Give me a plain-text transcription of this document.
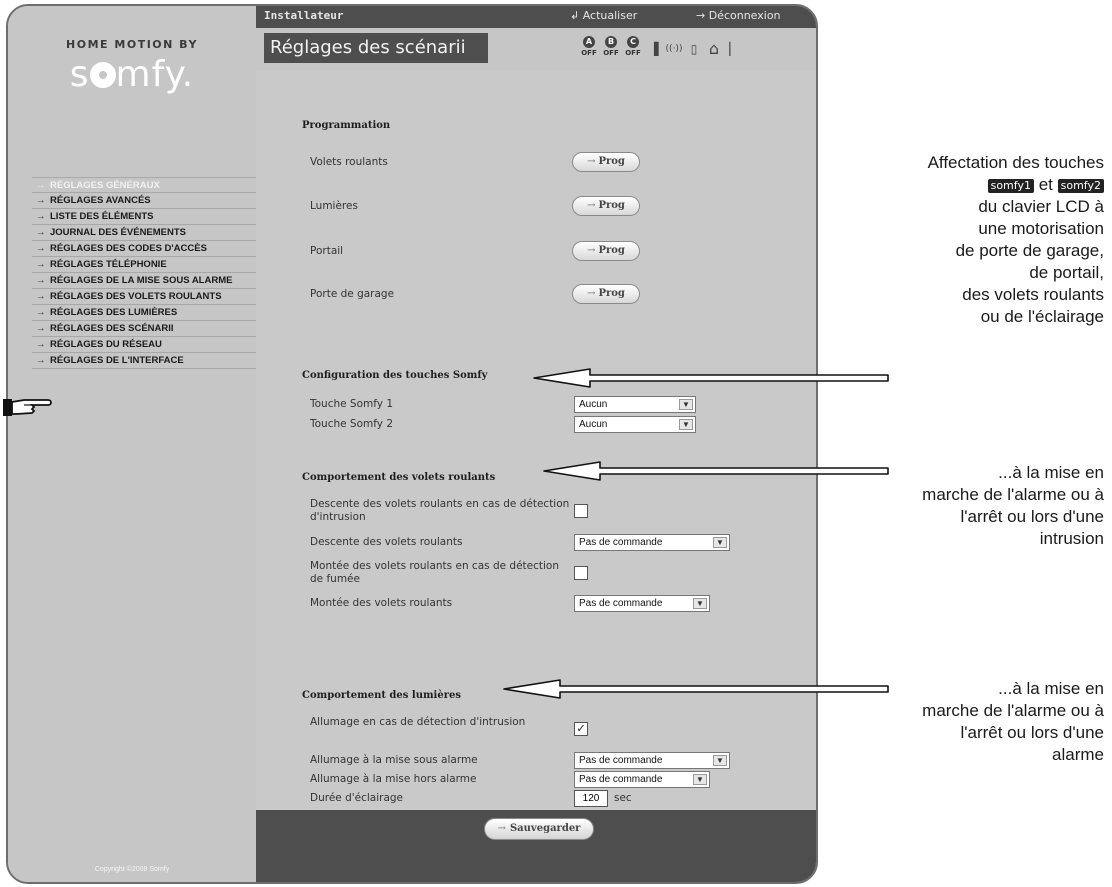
HOME MOTION BY
s mfy.
→ RÉGLAGES GÉNÉRAUX
→ RÉGLAGES AVANCÉS
→ LISTE DES ÉLÉMENTS
→ JOURNAL DES ÉVÉNEMENTS
→ RÉGLAGES DES CODES D'ACCÈS
→ RÉGLAGES TÉLÉPHONIE
→ RÉGLAGES DE LA MISE SOUS ALARME
→ RÉGLAGES DES VOLETS ROULANTS
→ RÉGLAGES DES LUMIÈRES
→ RÉGLAGES DES SCÉNARII
→ RÉGLAGES DU RÉSEAU
→ RÉGLAGES DE L'INTERFACE
Copyright ©2008 Somfy
Installateur	↲ Actualiser	→ Déconnexion
Réglages des scénarii	A
OFF
B
OFF
C
OFF ▐ ((·)) ▯ ⌂ ▏
Programmation
Volets roulants	→ Prog
Lumières	→ Prog
Portail	→ Prog
Porte de garage	→ Prog
Configuration des touches Somfy
Touche Somfy 1	Aucun	▼
Touche Somfy 2	Aucun	▼
Comportement des volets roulants
Descente des volets roulants en cas de détection d'intrusion
Descente des volets roulants	Pas de commande	▼
Montée des volets roulants en cas de détection de fumée
Montée des volets roulants	Pas de commande	▼
Comportement des lumières
Allumage en cas de détection d'intrusion	✓
Allumage à la mise sous alarme	Pas de commande	▼
Allumage à la mise hors alarme	Pas de commande	▼
Durée d'éclairage	120	sec
→ Sauvegarder
Affectation des touches
somfy1 et somfy2
du clavier LCD à
une motorisation
de porte de garage,
de portail,
des volets roulants
ou de l'éclairage
...à la mise en
marche de l'alarme ou à
l'arrêt ou lors d'une
intrusion
...à la mise en
marche de l'alarme ou à
l'arrêt ou lors d'une
alarme
